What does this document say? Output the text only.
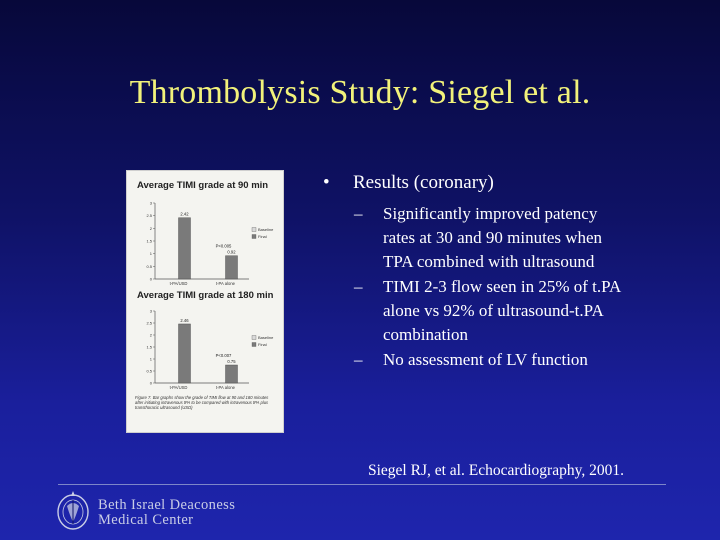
Thrombolysis Study: Siegel et al.
Average TIMI grade at 90 min
0
0.5
1
1.5
2
2.5
3
t-PA/USD	t-PA alone
2.42
P<0.005
0.92
Baseline
Final
Average TIMI grade at 180 min
0
0.5
1
1.5
2
2.5
3
t-PA/USD	t-PA alone
2.46
P<0.007
0.75
Baseline
Final
Figure 7. Bar graphs show the grade of TIMI flow at 90 and 180 minutes after initiating intravenous tPA to be compared with intravenous tPA plus transthoracic ultrasound (USD)
• Results (coronary)
– Significantly improved patency rates at 30 and 90 minutes when TPA combined with ultrasound
– TIMI 2-3 flow seen in 25% of t.PA alone vs 92% of ultrasound-t.PA combination
– No assessment of LV function
Siegel RJ, et al. Echocardiography, 2001.
Beth Israel Deaconess
Medical Center
